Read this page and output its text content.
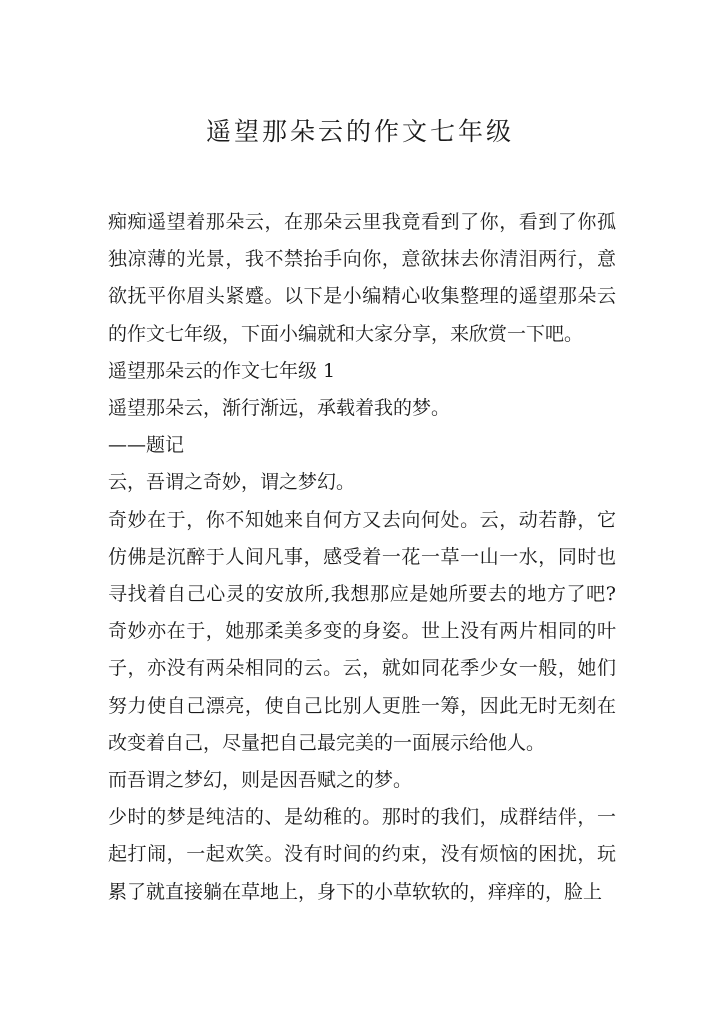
遥望那朵云的作文七年级

痴痴遥望着那朵云，在那朵云里我竟看到了你，看到了你孤独凉薄的光景，我不禁抬手向你，意欲抹去你清泪两行，意欲抚平你眉头紧蹙。以下是小编精心收集整理的遥望那朵云的作文七年级，下面小编就和大家分享，来欣赏一下吧。

遥望那朵云的作文七年级 1

遥望那朵云，渐行渐远，承载着我的梦。

——题记

云，吾谓之奇妙，谓之梦幻。

奇妙在于，你不知她来自何方又去向何处。云，动若静，它仿佛是沉醉于人间凡事，感受着一花一草一山一水，同时也寻找着自己心灵的安放所,我想那应是她所要去的地方了吧?奇妙亦在于，她那柔美多变的身姿。世上没有两片相同的叶子，亦没有两朵相同的云。云，就如同花季少女一般，她们努力使自己漂亮，使自己比别人更胜一筹，因此无时无刻在改变着自己，尽量把自己最完美的一面展示给他人。

而吾谓之梦幻，则是因吾赋之的梦。

少时的梦是纯洁的、是幼稚的。那时的我们，成群结伴，一起打闹，一起欢笑。没有时间的约束，没有烦恼的困扰，玩累了就直接躺在草地上，身下的小草软软的，痒痒的，脸上
